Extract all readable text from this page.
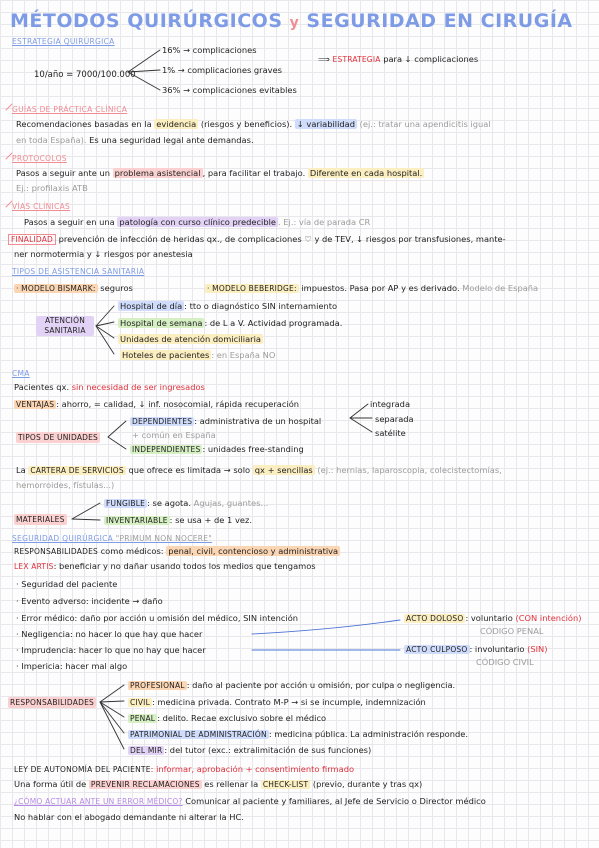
MÉTODOS QUIRÚRGICOS y SEGURIDAD EN CIRUGÍA
ESTRATEGIA QUIRÚRGICA
10/año = 7000/100.000
16% → complicaciones
1% → complicaciones graves
36% → complicaciones evitables
⟹ ESTRATEGIA para ↓ complicaciones
GUÍAS DE PRÁCTICA CLÍNICA
Recomendaciones basadas en la evidencia (riesgos y beneficios). ↓ variabilidad (ej.: tratar una apendicitis igual
en toda España). Es una seguridad legal ante demandas.
PROTOCOLOS
Pasos a seguir ante un problema asistencial , para facilitar el trabajo. Diferente en cada hospital.
Ej.: profilaxis ATB
VÍAS CLÍNICAS
Pasos a seguir en una patología con curso clínico predecible . Ej.: vía de parada CR
FINALIDAD prevención de infección de heridas qx., de complicaciones ♡ y de TEV, ↓ riesgos por transfusiones, mante-
ner normotermia y ↓ riesgos por anestesia
TIPOS DE ASISTENCIA SANITARIA
· MODELO BISMARK: seguros	· MODELO BEBERIDGE: impuestos. Pasa por AP y es derivado. Modelo de España
ATENCIÓN SANITARIA
Hospital de día : tto o diagnóstico SIN internamiento
Hospital de semana : de L a V. Actividad programada.
Unidades de atención domiciliaria
Hoteles de pacientes : en España NO
CMA
Pacientes qx. sin necesidad de ser ingresados
VENTAJAS : ahorro, = calidad, ↓ inf. nosocomial, rápida recuperación	integrada
separada
satélite
TIPOS DE UNIDADES
DEPENDIENTES : administrativa de un hospital
+ común en España
INDEPENDIENTES : unidades free-standing
La CARTERA DE SERVICIOS que ofrece es limitada → solo qx + sencillas (ej.: hernias, laparoscopia, colecistectomías,
hemorroides, fístulas...)
MATERIALES
FUNGIBLE : se agota. Agujas, guantes...
INVENTARIABLE : se usa + de 1 vez.
SEGURIDAD QUIRÚRGICA "PRIMUM NON NOCERE"
RESPONSABILIDADES como médicos: penal, civil, contencioso y administrativa
LEX ARTIS: beneficiar y no dañar usando todos los medios que tengamos
· Seguridad del paciente
· Evento adverso: incidente → daño
· Error médico: daño por acción u omisión del médico, SIN intención
· Negligencia: no hacer lo que hay que hacer
· Imprudencia: hacer lo que no hay que hacer
· Impericia: hacer mal algo
ACTO DOLOSO : voluntario (CON intención)
CÓDIGO PENAL
ACTO CULPOSO : involuntario (SIN)
CÓDIGO CIVIL
RESPONSABILIDADES
PROFESIONAL : daño al paciente por acción u omisión, por culpa o negligencia.
CIVIL : medicina privada. Contrato M-P → si se incumple, indemnización
PENAL : delito. Recae exclusivo sobre el médico
PATRIMONIAL DE ADMINISTRACIÓN : medicina pública. La administración responde.
DEL MIR : del tutor (exc.: extralimitación de sus funciones)
LEY DE AUTONOMÍA DEL PACIENTE: informar, aprobación + consentimiento firmado
Una forma útil de PREVENIR RECLAMACIONES es rellenar la CHECK-LIST (previo, durante y tras qx)
¿CÓMO ACTUAR ANTE UN ERROR MÉDICO? Comunicar al paciente y familiares, al Jefe de Servicio o Director médico
No hablar con el abogado demandante ni alterar la HC.
